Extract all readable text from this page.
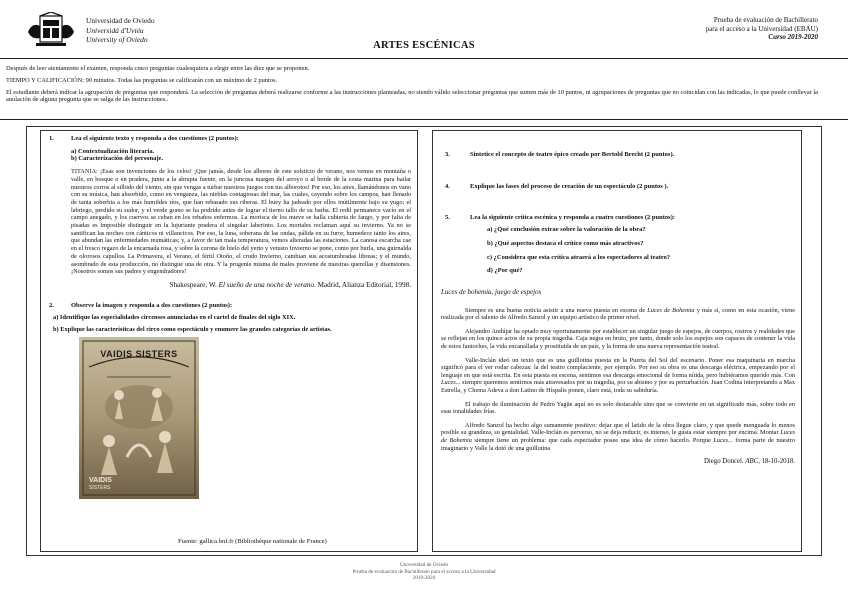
Universidad de Oviedo
Universidá d'Uviéu
University of Oviedo
ARTES ESCÉNICAS
Prueba de evaluación de Bachillerato
para el acceso a la Universidad (EBAU)
Curso 2019-2020

Después de leer atentamente el examen, responda cinco preguntas cualesquiera a elegir entre las diez que se proponen.

TIEMPO Y CALIFICACIÓN: 90 minutos. Todas las preguntas se calificarán con un máximo de 2 puntos.

El estudiante deberá indicar la agrupación de preguntas que responderá. La selección de preguntas deberá realizarse conforme a las instrucciones planteadas, no siendo válido seleccionar preguntas que sumen más de 10 puntos, ni agrupaciones de preguntas que no coincidan con las indicadas, lo que puede conllevar la anulación de alguna pregunta que se salga de las instrucciones..

1.	Lea el siguiente texto y responda a dos cuestiones (2 puntos):
a) Contextualización literaria.
b) Caracterización del personaje.
TITANIA: ¡Esas son invenciones de los celos! ¡Que jamás, desde los albores de este solsticio de verano, nos vemos en montaña o valle, en bosque o en pradera, junto a la abrupta fuente, en la juncosa margen del arroyo o al borde de la costa marina para bailar nuestros corros al silbido del viento, sin que vengas a turbar nuestros juegos con tus alborotos! Por eso, los aires, llamándonos en vano con su música, han absorbido, como en venganza, las nieblas contagiosas del mar, las cuales, cayendo sobre los campos, han llenado de tanta soberbia a los más humildes ríos, que han rebasado sus riberas. El buey ha jadeado por ellos inútilmente bajo su yugo; el labriego, perdido su sudor, y el verde grano se ha podrido antes de lograr el tierno tallo de su barba. El redil permanece vacío en el campo anegado, y los cuervos se ceban en los rebaños enfermos. La morisca de los nueve se halla cubierta de fango, y por falta de pisadas es imposible distinguir en la lujuriante pradera el singular laberinto. Los mortales reclaman aquí su invierno. Ya no se santifican las noches con cánticos ni villancicos. Por eso, la luna, soberana de las ondas, pálida en su furor, humedece tanto los aires, que abundan las enfermedades reumáticas; y, a favor de tan mala temperatura, vemos alteradas las estaciones. La canosa escarcha cae en el fresco regazo de la encarnada rosa, y sobre la corona de hielo del yerto y vetusto Invierno se pone, como por burla, una guirnalda de olorosos capullos. La Primavera, el Verano, el fértil Otoño, el crudo Invierno, cambian sus acostumbradas libreas; y el mundo, asombrado de esta producción, no distingue una de otra. Y la progenie misma de males proviene de nuestras querellas y disensiones. ¡Nosotros somos sus padres y engendradores!
Shakespeare, W. El sueño de una noche de verano. Madrid, Alianza Editorial, 1998.
2.	Observe la imagen y responda a dos cuestiones (2 puntos):
a) Identifique las especialidades circenses anunciadas en el cartel de finales del siglo XIX.
b) Explique las características del circo como espectáculo y enumere las grandes categorías de artistas.
VAIDIS SISTERS
VAIDIS
SISTERS
Fuente: gallica.bnf.fr (Bibliothèque nationale de France)
3.	Sintetice el concepto de teatro épico creado por Bertold Brecht (2 puntos).
4.	Explique las fases del proceso de creación de un espectáculo (2 puntos ).
5.	Lea la siguiente crítica escénica y responda a cuatro cuestiones (2 puntos):
a) ¿Qué conclusión extrae sobre la valoración de la obra?
b) ¿Qué aspectos destaca el crítico como más atractivos?
c) ¿Considera que esta crítica atraerá a los espectadores al teatro?
d) ¿Por qué?
Luces de bohemia, juego de espejos

Siempre es una buena noticia asistir a una nueva puesta en escena de Luces de Bohemia y más si, como en esta ocasión, viene realizada por el talento de Alfredo Sanzol y un equipo artístico de primer nivel.

Alejandro Andújar ha optado muy oportunamente por establecer un singular juego de espejos, de cuerpos, rostros y realidades que se reflejan en los quince actos de su propia tragedia. Caja negra en bruto, por tanto, donde solo los espejos son capaces de contener la vida de estos fantoches, la vida encanallada y prostituida de un país, y la forma de una nueva representación teatral.

Valle-Inclán ideó un texto que es una guillotina puesta en la Puerta del Sol del escenario. Poner esa maquinaria en marcha significó para el ver rodar cabezas: la del teatro complaciente, por ejemplo. Por eso su obra es una descarga eléctrica, empezando por el lenguaje en que está escrita. En esta puesta en escena, sentimos esa descarga emocional de forma nítida, pero hubiéramos querido más. Con Luces... siempre queremos sentirnos más atravesados por su tragedia, por su abismo y por su perturbación. Juan Codina interpretando a Max Estrella, y Chema Adeva a don Latino de Híspalis ponen, claro está, toda su sabiduría.

El trabajo de iluminación de Pedro Yagüe aquí no es solo destacable sino que se convierte en un significado más, sobre todo en esas tonalidades frías.

Alfredo Sanzol ha hecho algo sumamente positivo: dejar que el latido de la obra llegue claro, y que quede menguada lo menos posible su grandeza, su genialidad. Valle-Inclán es perverso, no se deja reducir, es intenso, le gusta estar siempre por encima. Montar Luces de Bohemia siempre tiene un problema: que cada espectador posee una idea de cómo hacerlo. Porque Luces... forma parte de nuestro imaginario y Valle la dotó de una guillotina

Diego Doncel. ABC, 18-10-2018.
Universidad de Oviedo
Prueba de evaluación de Bachillerato para el acceso a la Universidad
2019-2020
